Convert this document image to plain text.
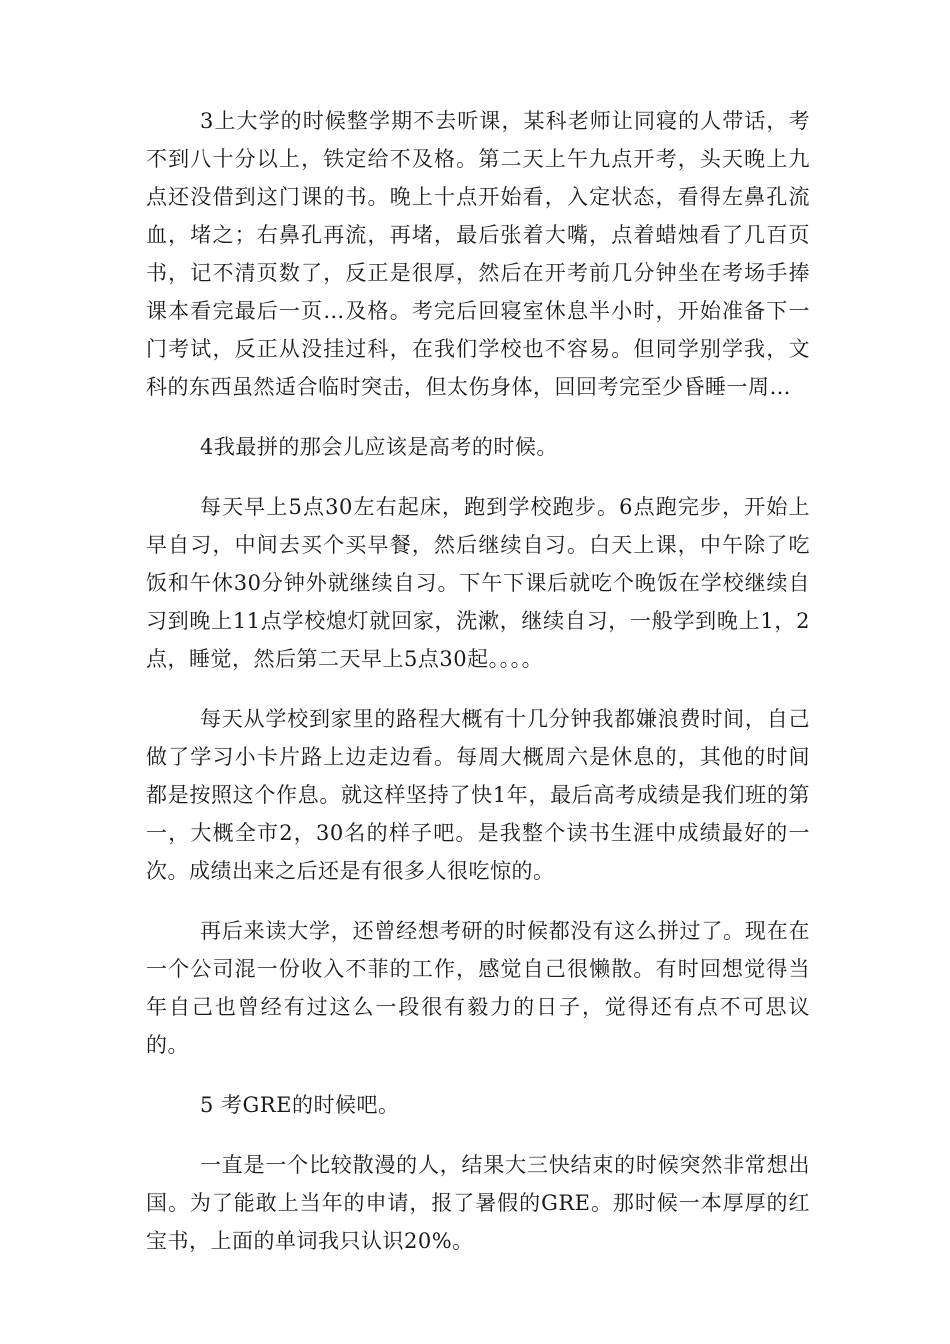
3上大学的时候整学期不去听课，某科老师让同寝的人带话，考不到八十分以上，铁定给不及格。第二天上午九点开考，头天晚上九点还没借到这门课的书。晚上十点开始看，入定状态，看得左鼻孔流血，堵之；右鼻孔再流，再堵，最后张着大嘴，点着蜡烛看了几百页书，记不清页数了，反正是很厚，然后在开考前几分钟坐在考场手捧课本看完最后一页…及格。考完后回寝室休息半小时，开始准备下一门考试，反正从没挂过科，在我们学校也不容易。但同学别学我，文科的东西虽然适合临时突击，但太伤身体，回回考完至少昏睡一周…

4我最拼的那会儿应该是高考的时候。

每天早上5点30左右起床，跑到学校跑步。6点跑完步，开始上早自习，中间去买个买早餐，然后继续自习。白天上课，中午除了吃饭和午休30分钟外就继续自习。下午下课后就吃个晚饭在学校继续自习到晚上11点学校熄灯就回家，洗漱，继续自习，一般学到晚上1，2点，睡觉，然后第二天早上5点30起。。。。

每天从学校到家里的路程大概有十几分钟我都嫌浪费时间，自己做了学习小卡片路上边走边看。每周大概周六是休息的，其他的时间都是按照这个作息。就这样坚持了快1年，最后高考成绩是我们班的第一，大概全市2，30名的样子吧。是我整个读书生涯中成绩最好的一次。成绩出来之后还是有很多人很吃惊的。

再后来读大学，还曾经想考研的时候都没有这么拼过了。现在在一个公司混一份收入不菲的工作，感觉自己很懒散。有时回想觉得当年自己也曾经有过这么一段很有毅力的日子，觉得还有点不可思议的。

5 考GRE的时候吧。

一直是一个比较散漫的人，结果大三快结束的时候突然非常想出国。为了能敢上当年的申请，报了暑假的GRE。那时候一本厚厚的红宝书，上面的单词我只认识20%。
